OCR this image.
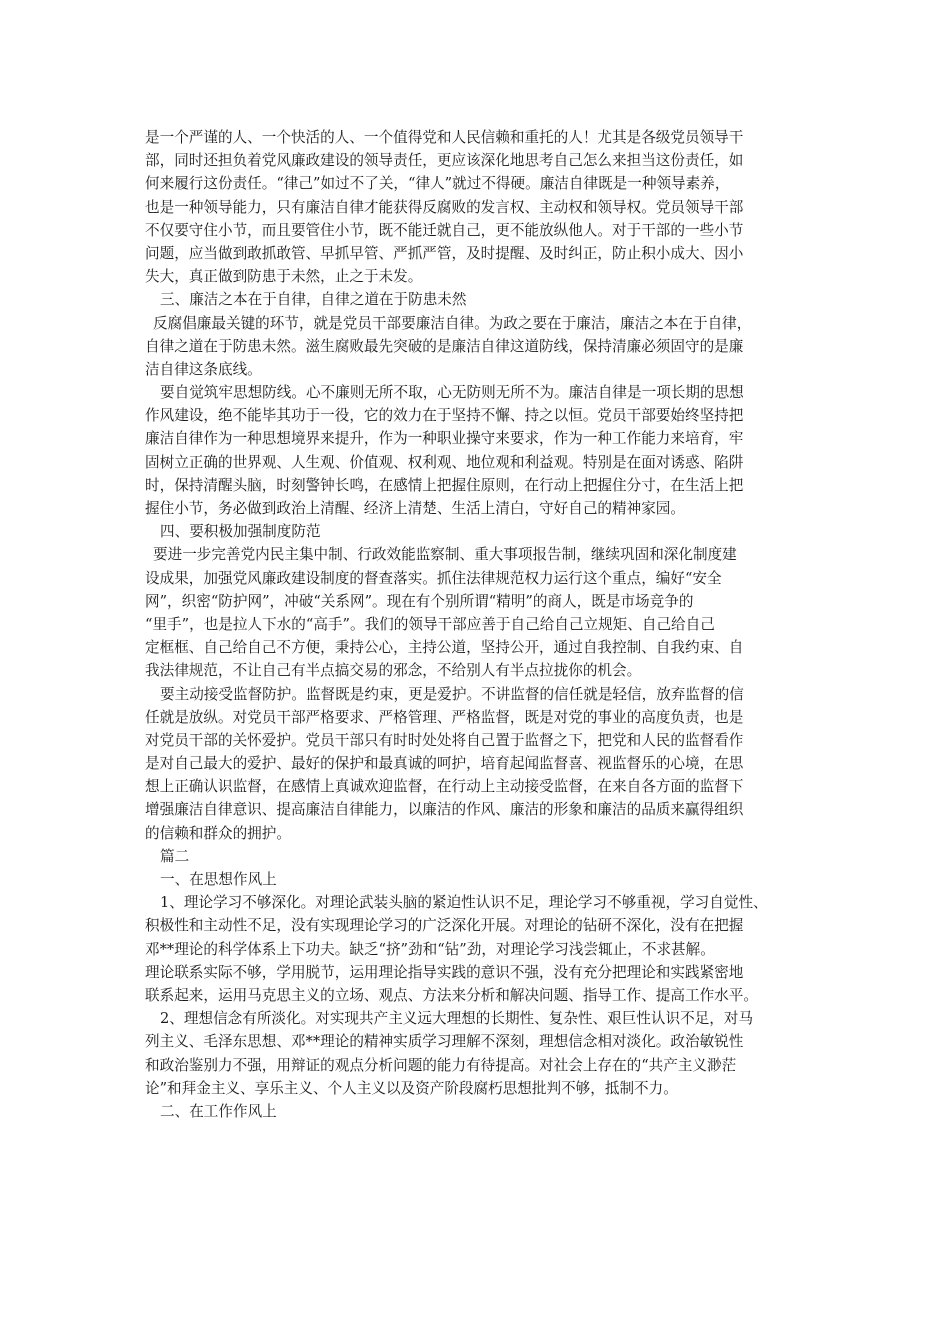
是一个严谨的人、一个快活的人、一个值得党和人民信赖和重托的人！尤其是各级党员领导干
部，同时还担负着党风廉政建设的领导责任，更应该深化地思考自己怎么来担当这份责任，如
何来履行这份责任。“律己”如过不了关，“律人”就过不得硬。廉洁自律既是一种领导素养，
也是一种领导能力，只有廉洁自律才能获得反腐败的发言权、主动权和领导权。党员领导干部
不仅要守住小节，而且要管住小节，既不能迁就自己，更不能放纵他人。对于干部的一些小节
问题，应当做到敢抓敢管、早抓早管、严抓严管，及时提醒、及时纠正，防止积小成大、因小
失大，真正做到防患于未然，止之于未发。
三、廉洁之本在于自律，自律之道在于防患未然
反腐倡廉最关键的环节，就是党员干部要廉洁自律。为政之要在于廉洁，廉洁之本在于自律，
自律之道在于防患未然。滋生腐败最先突破的是廉洁自律这道防线，保持清廉必须固守的是廉
洁自律这条底线。
要自觉筑牢思想防线。心不廉则无所不取，心无防则无所不为。廉洁自律是一项长期的思想
作风建设，绝不能毕其功于一役，它的效力在于坚持不懈、持之以恒。党员干部要始终坚持把
廉洁自律作为一种思想境界来提升，作为一种职业操守来要求，作为一种工作能力来培育，牢
固树立正确的世界观、人生观、价值观、权利观、地位观和利益观。特别是在面对诱惑、陷阱
时，保持清醒头脑，时刻警钟长鸣，在感情上把握住原则，在行动上把握住分寸，在生活上把
握住小节，务必做到政治上清醒、经济上清楚、生活上清白，守好自己的精神家园。
四、要积极加强制度防范
要进一步完善党内民主集中制、行政效能监察制、重大事项报告制，继续巩固和深化制度建
设成果，加强党风廉政建设制度的督查落实。抓住法律规范权力运行这个重点，编好“安全
网”，织密“防护网”，冲破“关系网”。现在有个别所谓“精明”的商人，既是市场竞争的
“里手”，也是拉人下水的“高手”。我们的领导干部应善于自己给自己立规矩、自己给自己
定框框、自己给自己不方便，秉持公心，主持公道，坚持公开，通过自我控制、自我约束、自
我法律规范，不让自己有半点搞交易的邪念，不给别人有半点拉拢你的机会。
要主动接受监督防护。监督既是约束，更是爱护。不讲监督的信任就是轻信，放弃监督的信
任就是放纵。对党员干部严格要求、严格管理、严格监督，既是对党的事业的高度负责，也是
对党员干部的关怀爱护。党员干部只有时时处处将自己置于监督之下，把党和人民的监督看作
是对自己最大的爱护、最好的保护和最真诚的呵护，培育起闻监督喜、视监督乐的心境，在思
想上正确认识监督，在感情上真诚欢迎监督，在行动上主动接受监督，在来自各方面的监督下
增强廉洁自律意识、提高廉洁自律能力，以廉洁的作风、廉洁的形象和廉洁的品质来赢得组织
的信赖和群众的拥护。
篇二
一、在思想作风上
1、理论学习不够深化。对理论武装头脑的紧迫性认识不足，理论学习不够重视，学习自觉性、
积极性和主动性不足，没有实现理论学习的广泛深化开展。对理论的钻研不深化，没有在把握
邓**理论的科学体系上下功夫。缺乏“挤”劲和“钻”劲，对理论学习浅尝辄止，不求甚解。
理论联系实际不够，学用脱节，运用理论指导实践的意识不强，没有充分把理论和实践紧密地
联系起来，运用马克思主义的立场、观点、方法来分析和解决问题、指导工作、提高工作水平。
2、理想信念有所淡化。对实现共产主义远大理想的长期性、复杂性、艰巨性认识不足，对马
列主义、毛泽东思想、邓**理论的精神实质学习理解不深刻，理想信念相对淡化。政治敏锐性
和政治鉴别力不强，用辩证的观点分析问题的能力有待提高。对社会上存在的“共产主义渺茫
论”和拜金主义、享乐主义、个人主义以及资产阶段腐朽思想批判不够，抵制不力。
二、在工作作风上
